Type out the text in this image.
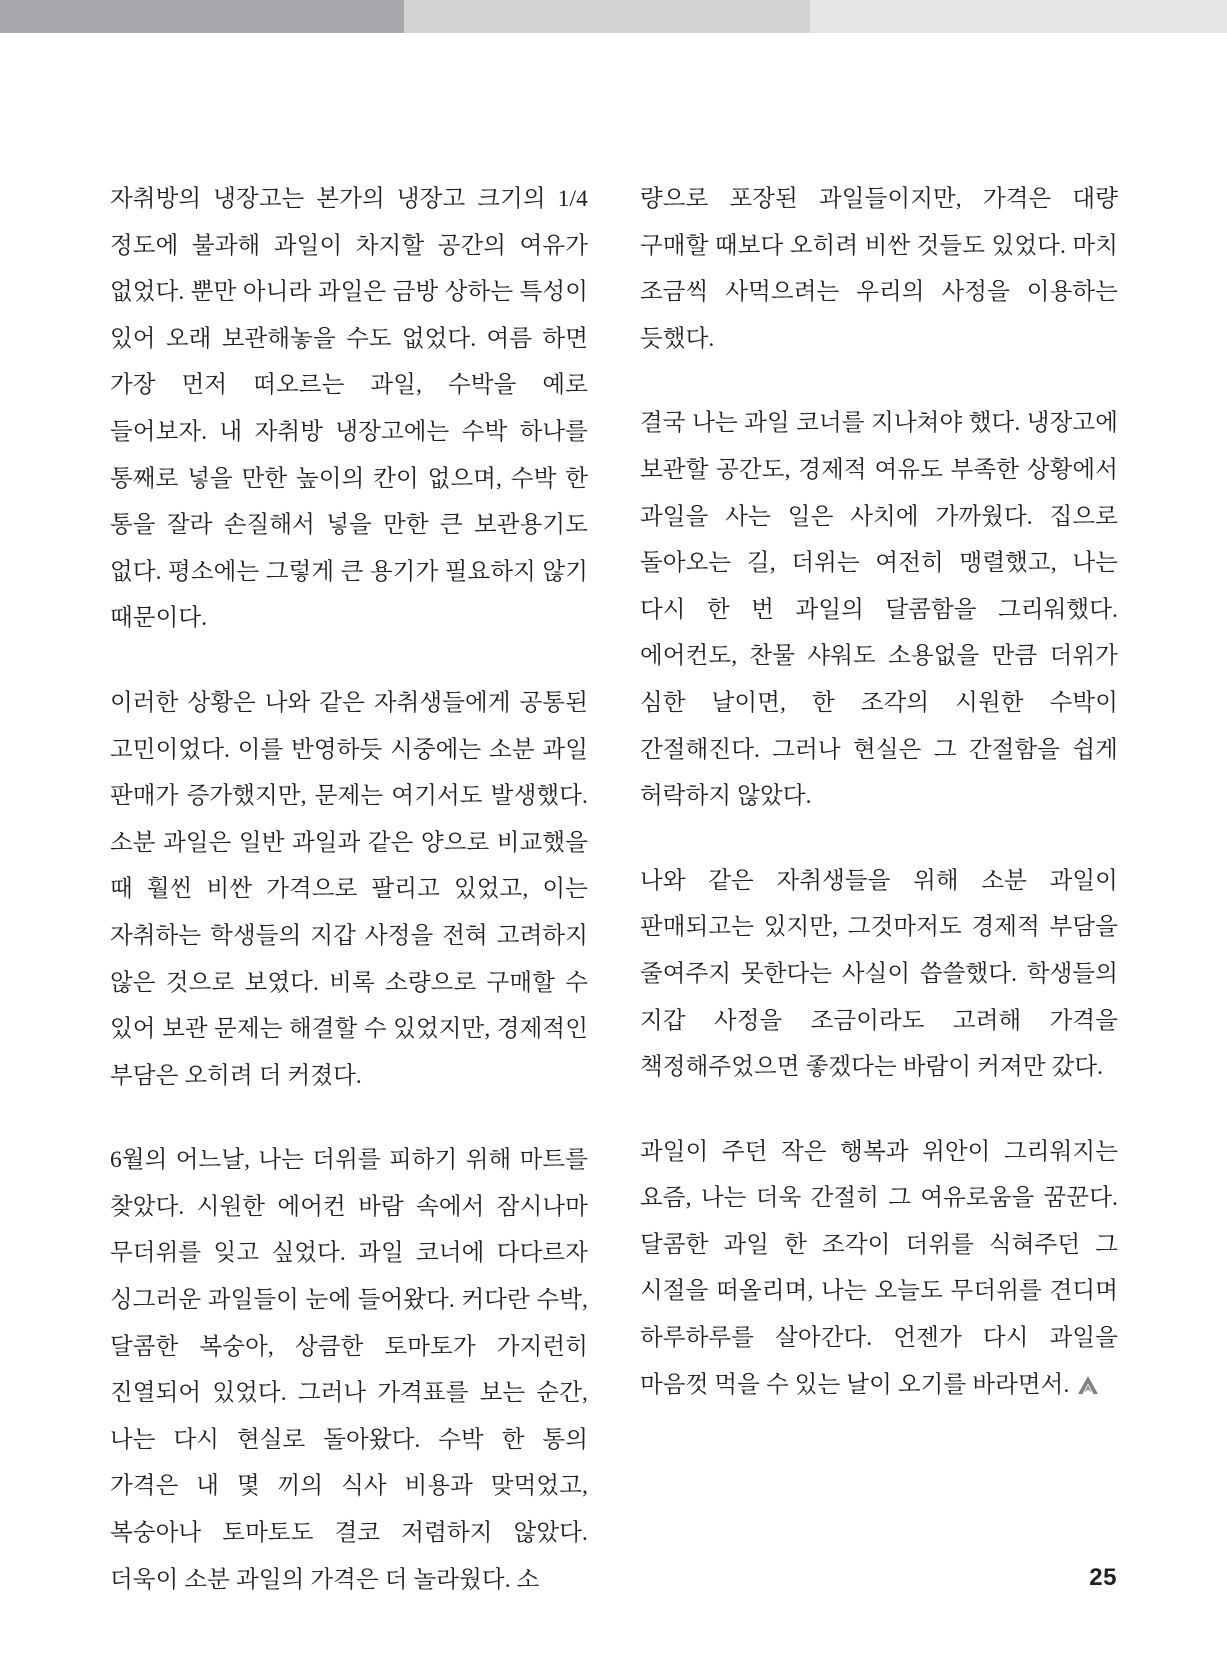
자취방의 냉장고는 본가의 냉장고 크기의 1/4 정도에 불과해 과일이 차지할 공간의 여유가 없었다. 뿐만 아니라 과일은 금방 상하는 특성이 있어 오래 보관해놓을 수도 없었다. 여름 하면 가장 먼저 떠오르는 과일, 수박을 예로 들어보자. 내 자취방 냉장고에는 수박 하나를 통째로 넣을 만한 높이의 칸이 없으며, 수박 한 통을 잘라 손질해서 넣을 만한 큰 보관용기도 없다. 평소에는 그렇게 큰 용기가 필요하지 않기 때문이다.

이러한 상황은 나와 같은 자취생들에게 공통된 고민이었다. 이를 반영하듯 시중에는 소분 과일 판매가 증가했지만, 문제는 여기서도 발생했다. 소분 과일은 일반 과일과 같은 양으로 비교했을 때 훨씬 비싼 가격으로 팔리고 있었고, 이는 자취하는 학생들의 지갑 사정을 전혀 고려하지 않은 것으로 보였다. 비록 소량으로 구매할 수 있어 보관 문제는 해결할 수 있었지만, 경제적인 부담은 오히려 더 커졌다.

6월의 어느날, 나는 더위를 피하기 위해 마트를 찾았다. 시원한 에어컨 바람 속에서 잠시나마 무더위를 잊고 싶었다. 과일 코너에 다다르자 싱그러운 과일들이 눈에 들어왔다. 커다란 수박, 달콤한 복숭아, 상큼한 토마토가 가지런히 진열되어 있었다. 그러나 가격표를 보는 순간, 나는 다시 현실로 돌아왔다. 수박 한 통의 가격은 내 몇 끼의 식사 비용과 맞먹었고, 복숭아나 토마토도 결코 저렴하지 않았다. 더욱이 소분 과일의 가격은 더 놀라웠다. 소

량으로 포장된 과일들이지만, 가격은 대량 구매할 때보다 오히려 비싼 것들도 있었다. 마치 조금씩 사먹으려는 우리의 사정을 이용하는 듯했다.

결국 나는 과일 코너를 지나쳐야 했다. 냉장고에 보관할 공간도, 경제적 여유도 부족한 상황에서 과일을 사는 일은 사치에 가까웠다. 집으로 돌아오는 길, 더위는 여전히 맹렬했고, 나는 다시 한 번 과일의 달콤함을 그리워했다. 에어컨도, 찬물 샤워도 소용없을 만큼 더위가 심한 날이면, 한 조각의 시원한 수박이 간절해진다. 그러나 현실은 그 간절함을 쉽게 허락하지 않았다.

나와 같은 자취생들을 위해 소분 과일이 판매되고는 있지만, 그것마저도 경제적 부담을 줄여주지 못한다는 사실이 씁쓸했다. 학생들의 지갑 사정을 조금이라도 고려해 가격을 책정해주었으면 좋겠다는 바람이 커져만 갔다.

과일이 주던 작은 행복과 위안이 그리워지는 요즘, 나는 더욱 간절히 그 여유로움을 꿈꾼다. 달콤한 과일 한 조각이 더위를 식혀주던 그 시절을 떠올리며, 나는 오늘도 무더위를 견디며 하루하루를 살아간다. 언젠가 다시 과일을 마음껏 먹을 수 있는 날이 오기를 바라면서.

25
